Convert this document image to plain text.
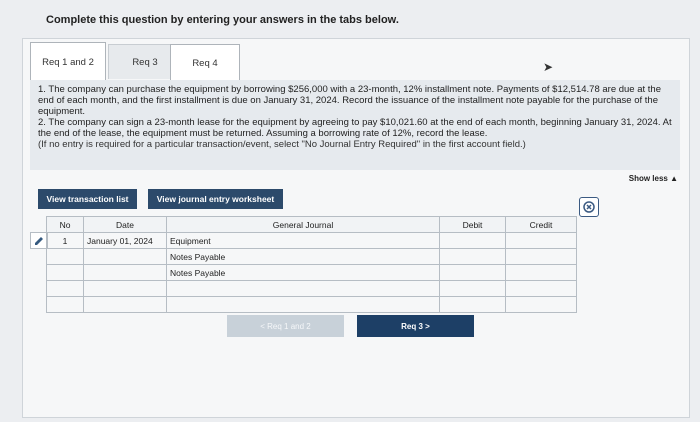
Complete this question by entering your answers in the tabs below.
Req 1 and 2	Req 3	Req 4	➤

1. The company can purchase the equipment by borrowing $256,000 with a 23-month, 12% installment note. Payments of $12,514.78 are due at the end of each month, and the first installment is due on January 31, 2024. Record the issuance of the installment note payable for the purchase of the equipment.

2. The company can sign a 23-month lease for the equipment by agreeing to pay $10,021.60 at the end of each month, beginning January 31, 2024. At the end of the lease, the equipment must be returned. Assuming a borrowing rate of 12%, record the lease.

(If no entry is required for a particular transaction/event, select "No Journal Entry Required" in the first account field.)

Show less ▲
View transaction list	View journal entry worksheet
No	Date	General Journal	Debit	Credit
1	January 01, 2024	Equipment		
		Notes Payable		
		Notes Payable		

< Req 1 and 2	Req 3 >
